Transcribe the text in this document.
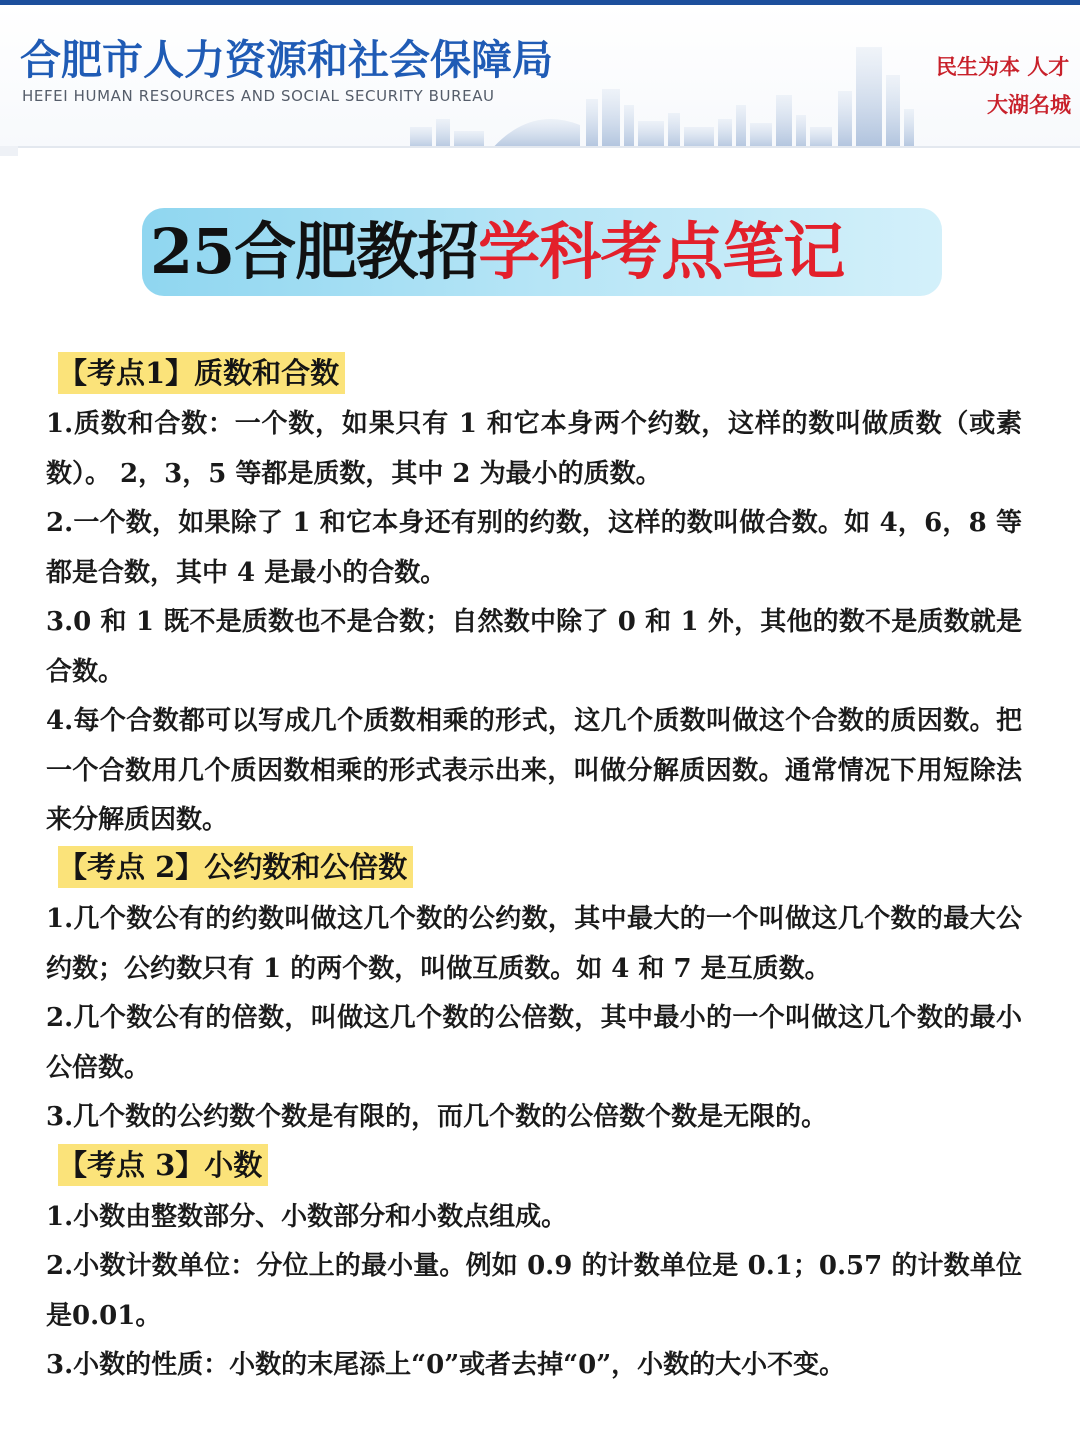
合肥市人力资源和社会保障局
HEFEI HUMAN RESOURCES AND SOCIAL SECURITY BUREAU
民生为本 人才
大湖名城
25合肥教招学科考点笔记
【考点1】质数和合数

1.质数和合数：一个数，如果只有 1 和它本身两个约数，这样的数叫做质数（或素数）。 2，3，5 等都是质数，其中 2 为最小的质数。

2.一个数，如果除了 1 和它本身还有别的约数，这样的数叫做合数。如 4，6，8 等都是合数，其中 4 是最小的合数。

3.0 和 1 既不是质数也不是合数；自然数中除了 0 和 1 外，其他的数不是质数就是合数。

4.每个合数都可以写成几个质数相乘的形式，这几个质数叫做这个合数的质因数。把一个合数用几个质因数相乘的形式表示出来，叫做分解质因数。通常情况下用短除法来分解质因数。

【考点 2】公约数和公倍数

1.几个数公有的约数叫做这几个数的公约数，其中最大的一个叫做这几个数的最大公约数；公约数只有 1 的两个数，叫做互质数。如 4 和 7 是互质数。

2.几个数公有的倍数，叫做这几个数的公倍数，其中最小的一个叫做这几个数的最小公倍数。

3.几个数的公约数个数是有限的，而几个数的公倍数个数是无限的。

【考点 3】小数

1.小数由整数部分、小数部分和小数点组成。

2.小数计数单位：分位上的最小量。例如 0.9 的计数单位是 0.1；0.57 的计数单位是0.01。

3.小数的性质：小数的末尾添上“0”或者去掉“0”，小数的大小不变。
